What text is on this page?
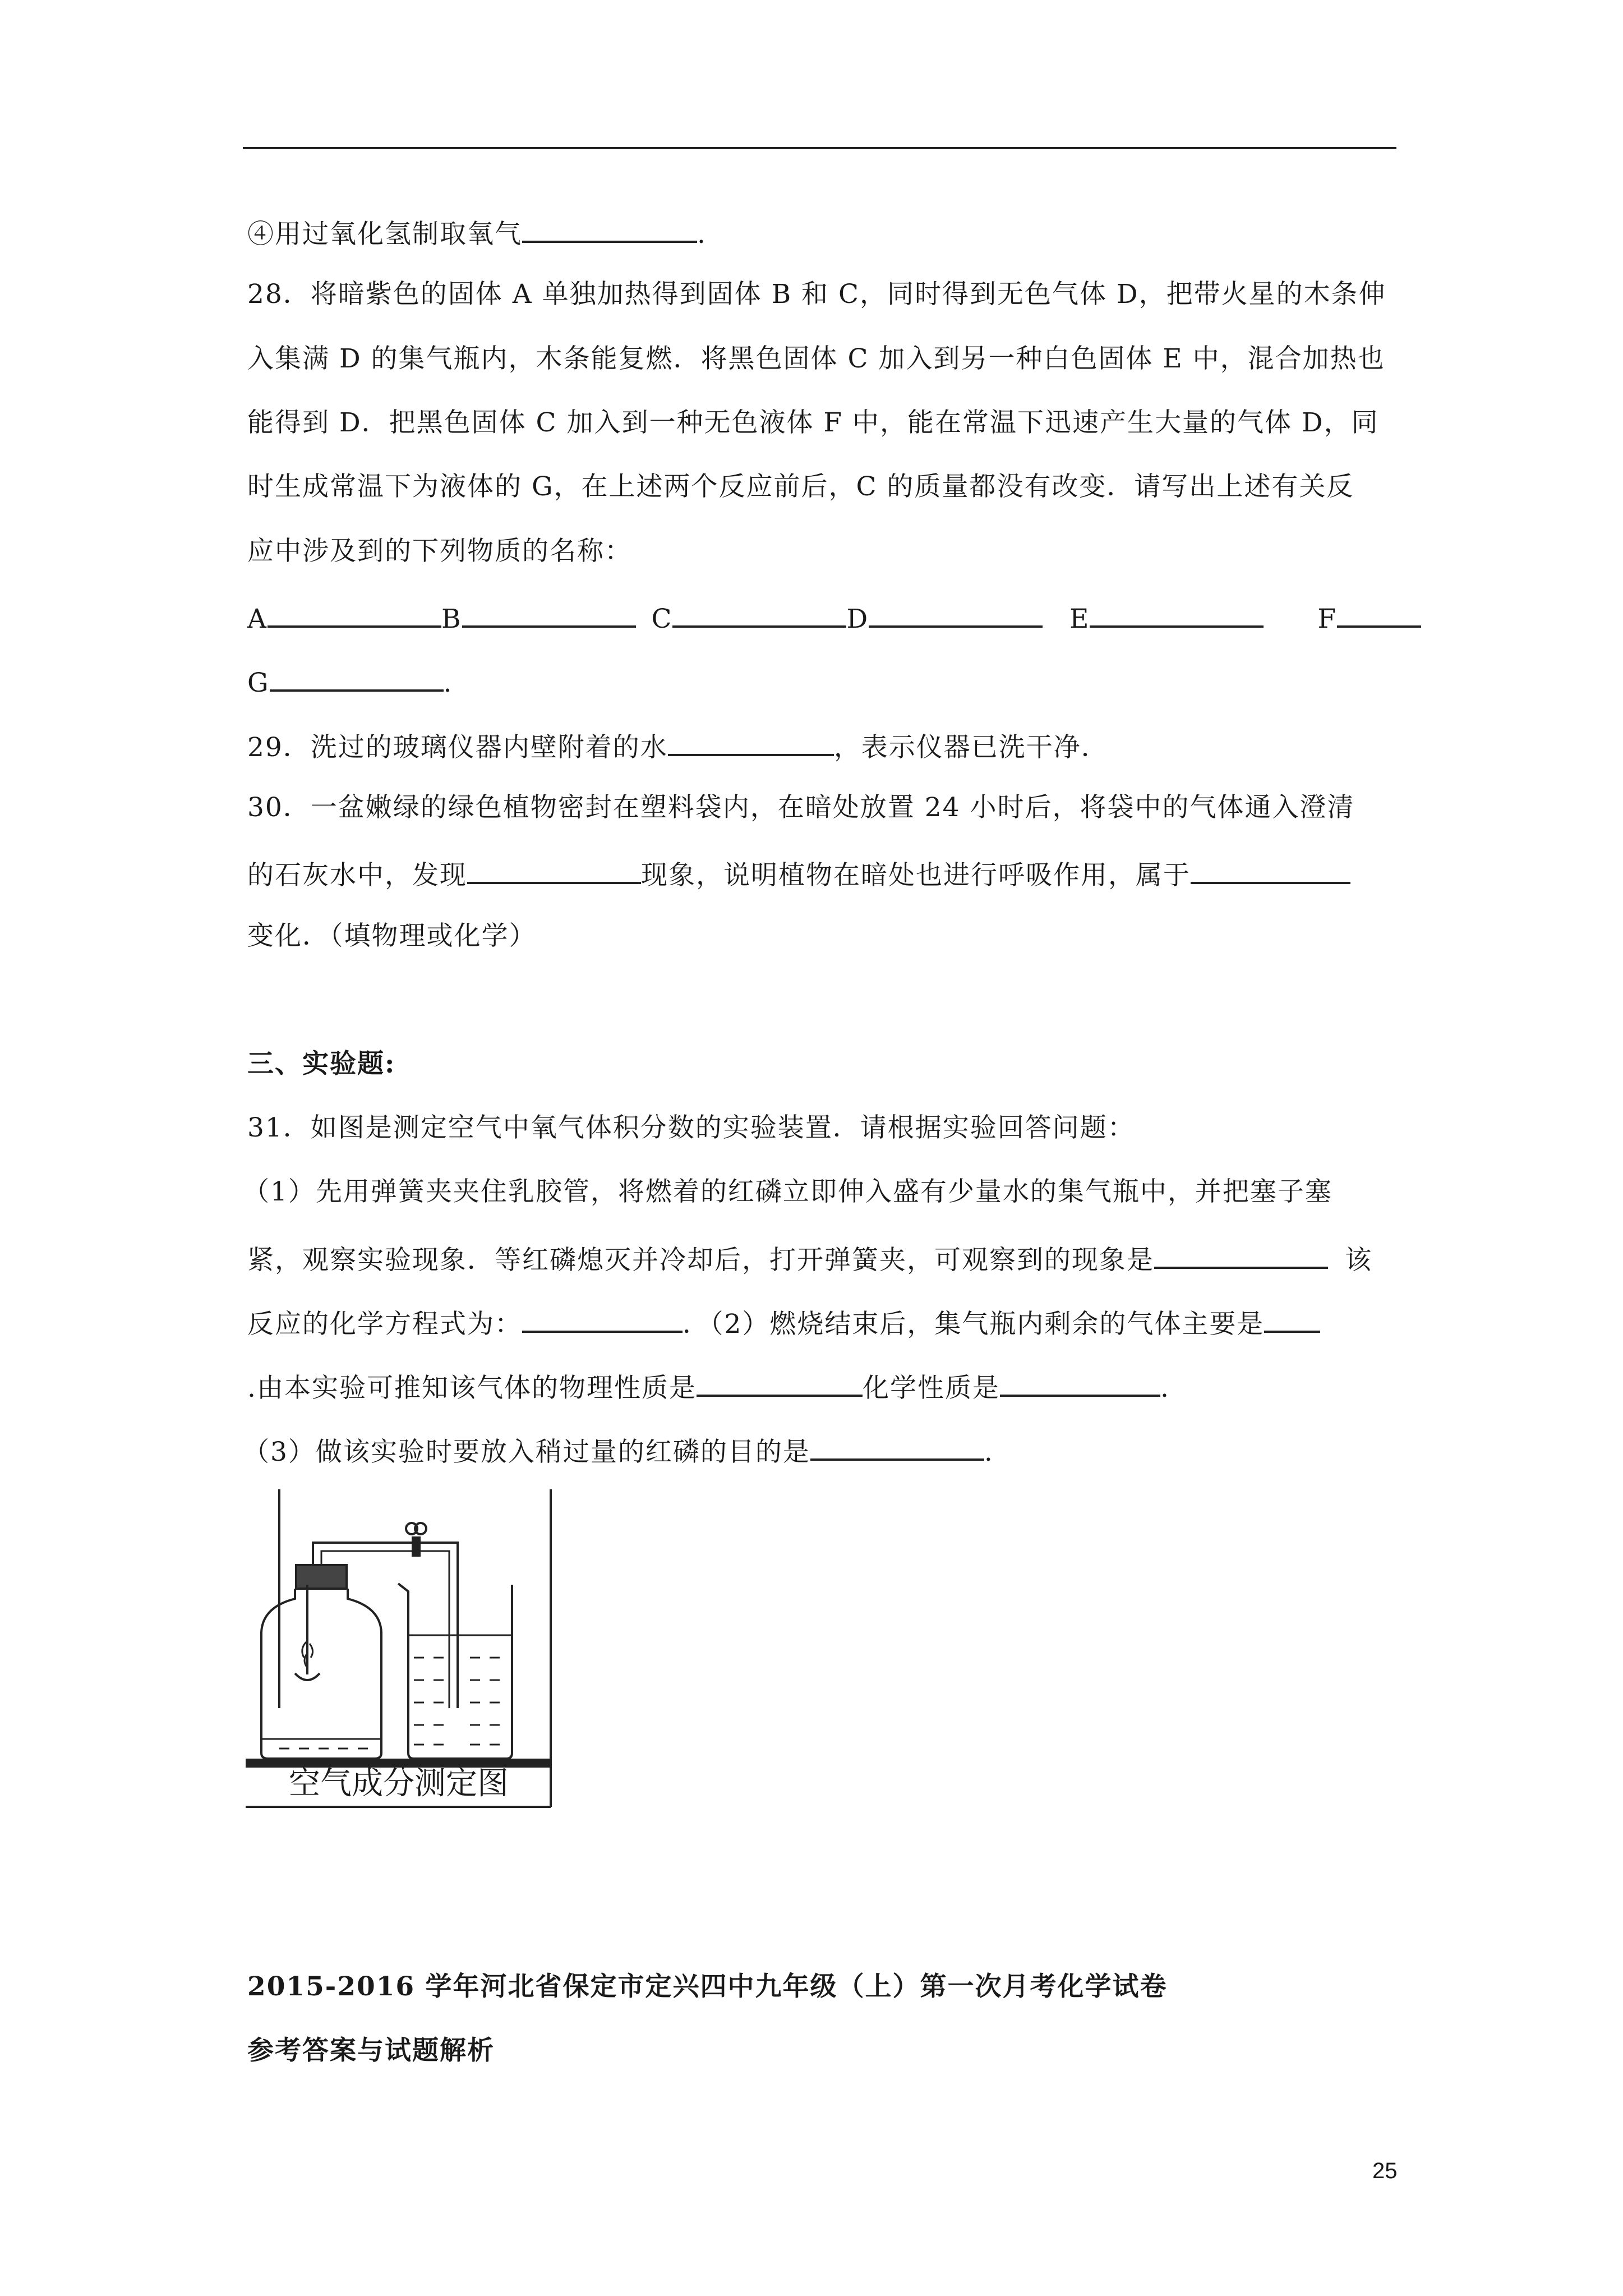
④用过氧化氢制取氧气	.
28．将暗紫色的固体 A 单独加热得到固体 B 和 C，同时得到无色气体 D，把带火星的木条伸
入集满 D 的集气瓶内，木条能复燃．将黑色固体 C 加入到另一种白色固体 E 中，混合加热也
能得到 D．把黑色固体 C 加入到一种无色液体 F 中，能在常温下迅速产生大量的气体 D，同
时生成常温下为液体的 G，在上述两个反应前后，C 的质量都没有改变．请写出上述有关反
应中涉及到的下列物质的名称：
A	B	C	D	E	F
G	.
29．洗过的玻璃仪器内壁附着的水	，表示仪器已洗干净．
30．一盆嫩绿的绿色植物密封在塑料袋内，在暗处放置 24 小时后，将袋中的气体通入澄清
的石灰水中，发现	现象，说明植物在暗处也进行呼吸作用，属于
变化．（填物理或化学）
三、实验题:
31．如图是测定空气中氧气体积分数的实验装置．请根据实验回答问题：
（1）先用弹簧夹夹住乳胶管，将燃着的红磷立即伸入盛有少量水的集气瓶中，并把塞子塞
紧，观察实验现象．等红磷熄灭并冷却后，打开弹簧夹，可观察到的现象是	该
反应的化学方程式为：	．（2）燃烧结束后，集气瓶内剩余的气体主要是
.由本实验可推知该气体的物理性质是	化学性质是	.
（3）做该实验时要放入稍过量的红磷的目的是	.
空气成分测定图
2015-2016 学年河北省保定市定兴四中九年级（上）第一次月考化学试卷
参考答案与试题解析
25
